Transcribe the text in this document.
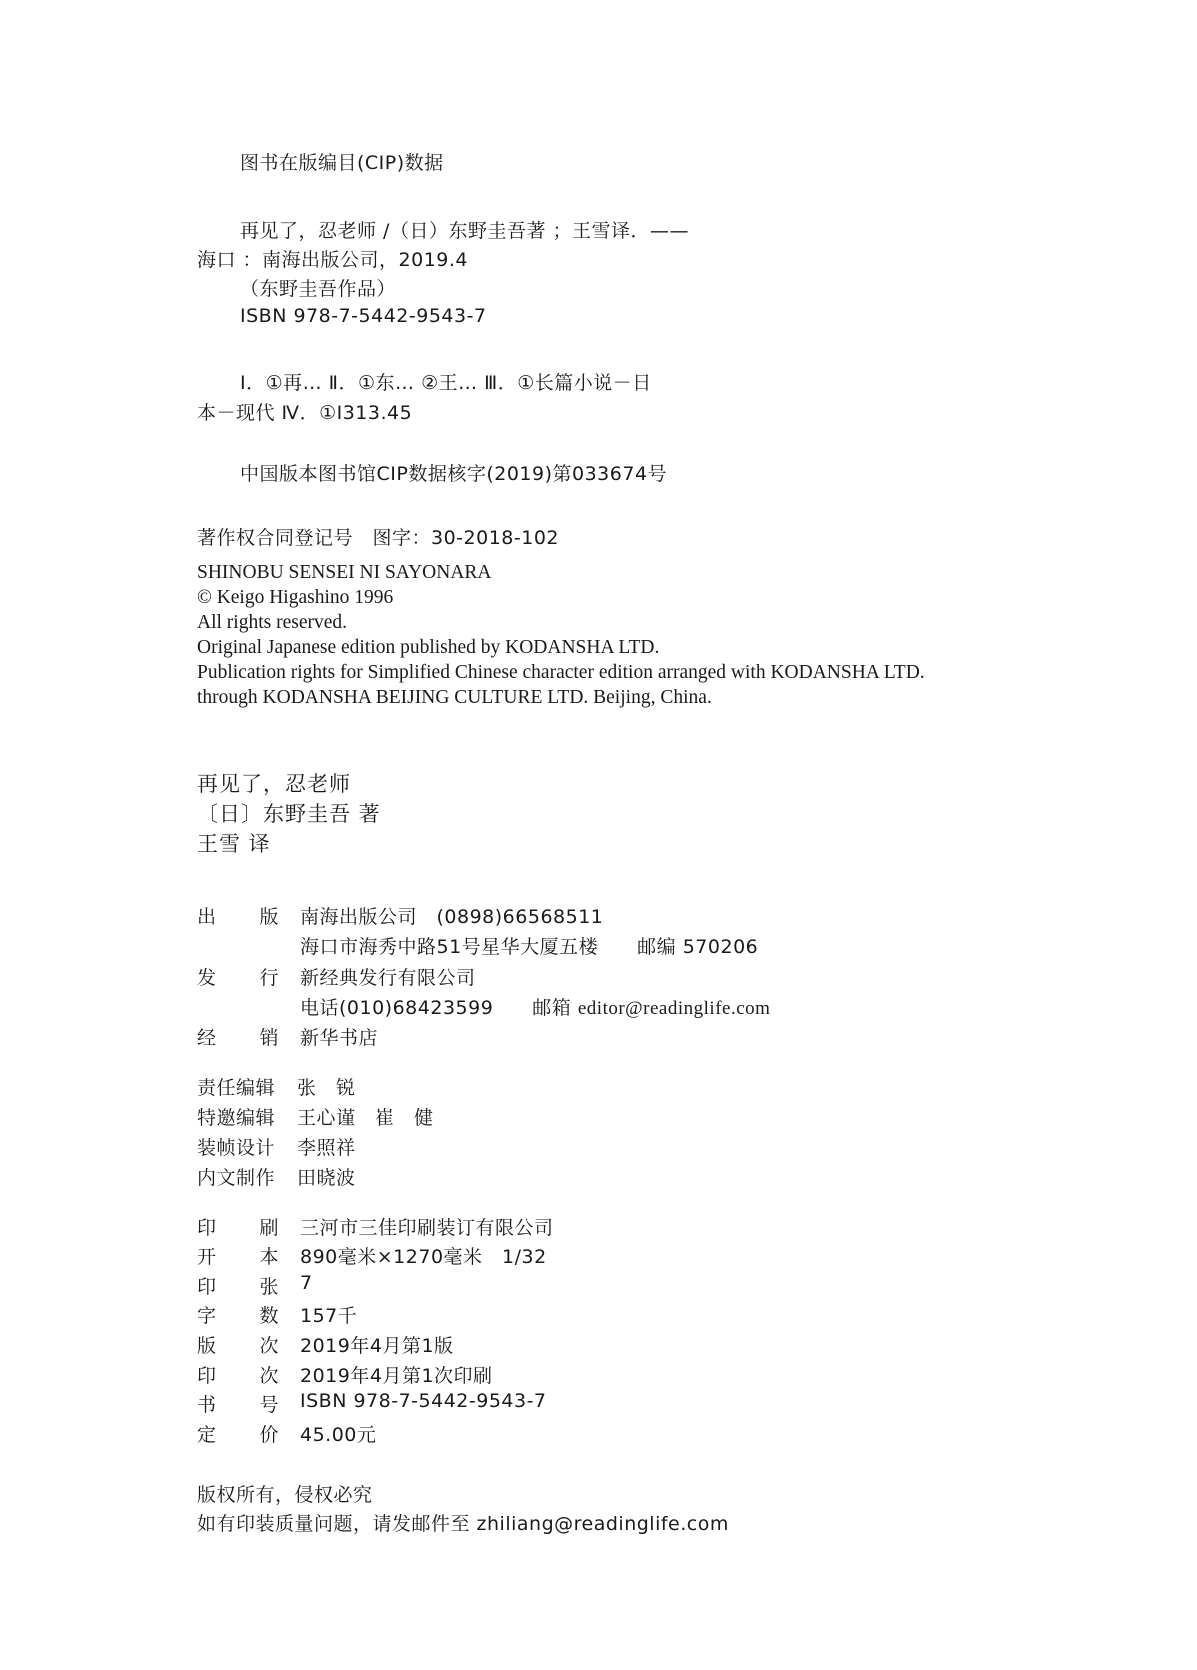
图书在版编目(CIP)数据
再见了，忍老师 /（日）东野圭吾著 ；王雪译．——
海口 ：南海出版公司，2019.4
（东野圭吾作品）
ISBN 978-7-5442-9543-7
Ⅰ．①再… Ⅱ．①东… ②王… Ⅲ．①长篇小说－日
本－现代 Ⅳ．①I313.45
中国版本图书馆CIP数据核字(2019)第033674号
著作权合同登记号　图字：30-2018-102
SHINOBU SENSEI NI SAYONARA
© Keigo Higashino 1996
All rights reserved.
Original Japanese edition published by KODANSHA LTD.
Publication rights for Simplified Chinese character edition arranged with KODANSHA LTD.
through KODANSHA BEIJING CULTURE LTD. Beijing, China.
再见了，忍老师
〔日〕东野圭吾 著
王雪 译
出 版 南海出版公司　(0898)66568511
海口市海秀中路51号星华大厦五楼　　邮编 570206
发 行 新经典发行有限公司
电话(010)68423599　　邮箱 editor@readinglife.com
经 销 新华书店
责任编辑 张　锐
特邀编辑 王心谨　崔　健
装帧设计 李照祥
内文制作 田晓波
印 刷 三河市三佳印刷装订有限公司
开 本 890毫米×1270毫米　1/32
印 张 7
字 数 157千
版 次 2019年4月第1版
印 次 2019年4月第1次印刷
书 号 ISBN 978-7-5442-9543-7
定 价 45.00元
版权所有，侵权必究
如有印装质量问题，请发邮件至 zhiliang@readinglife.com
